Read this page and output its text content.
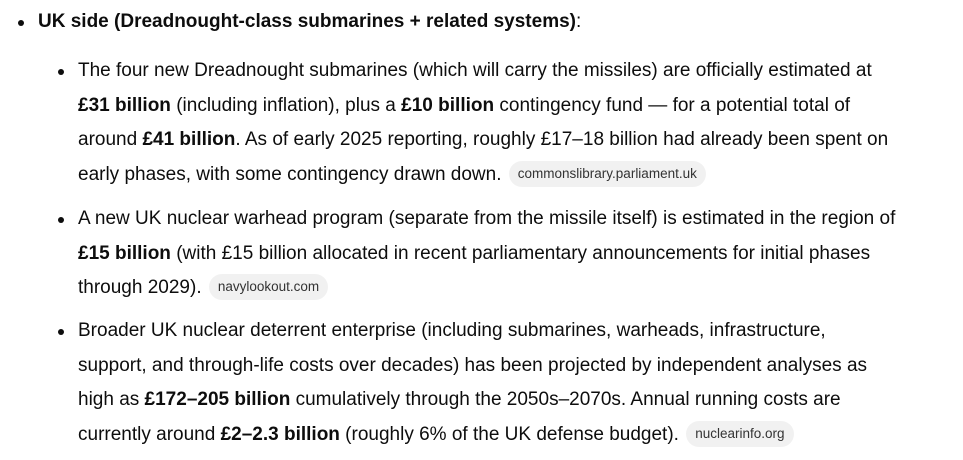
UK side (Dreadnought-class submarines + related systems):
The four new Dreadnought submarines (which will carry the missiles) are officially estimated at
£31 billion (including inflation), plus a £10 billion contingency fund — for a potential total of
around £41 billion. As of early 2025 reporting, roughly £17–18 billion had already been spent on
early phases, with some contingency drawn down. commonslibrary.parliament.uk
A new UK nuclear warhead program (separate from the missile itself) is estimated in the region of
£15 billion (with £15 billion allocated in recent parliamentary announcements for initial phases
through 2029). navylookout.com
Broader UK nuclear deterrent enterprise (including submarines, warheads, infrastructure,
support, and through-life costs over decades) has been projected by independent analyses as
high as £172–205 billion cumulatively through the 2050s–2070s. Annual running costs are
currently around £2–2.3 billion (roughly 6% of the UK defense budget). nuclearinfo.org
